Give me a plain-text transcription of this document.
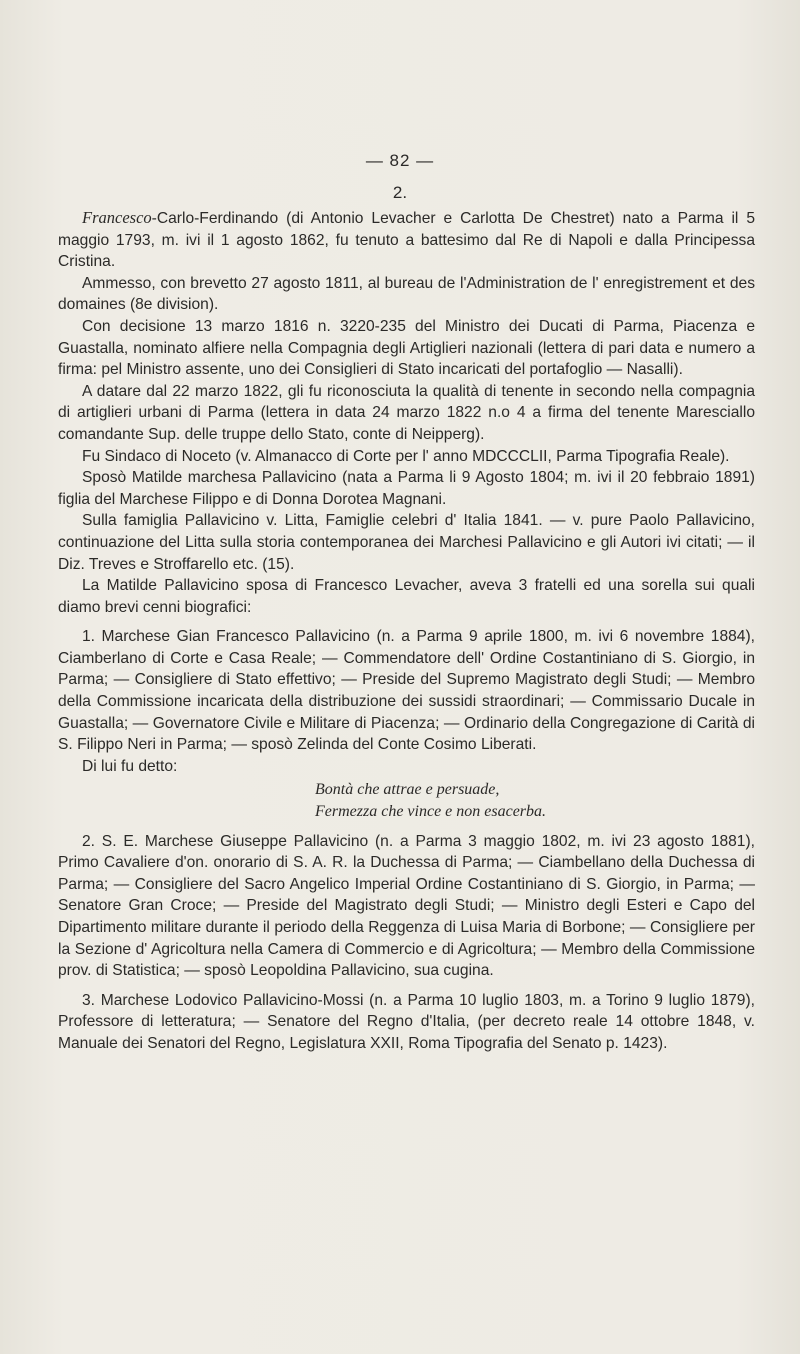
— 82 —
2.

Francesco-Carlo-Ferdinando (di Antonio Levacher e Carlotta De Chestret) nato a Parma il 5 maggio 1793, m. ivi il 1 agosto 1862, fu tenuto a battesimo dal Re di Napoli e dalla Principessa Cristina.

Ammesso, con brevetto 27 agosto 1811, al bureau de l'Administration de l' enregistrement et des domaines (8e division).

Con decisione 13 marzo 1816 n. 3220-235 del Ministro dei Ducati di Parma, Piacenza e Guastalla, nominato alfiere nella Compagnia degli Artiglieri nazionali (lettera di pari data e numero a firma: pel Ministro assente, uno dei Consiglieri di Stato incaricati del portafoglio — Nasalli).

A datare dal 22 marzo 1822, gli fu riconosciuta la qualità di tenente in secondo nella compagnia di artiglieri urbani di Parma (lettera in data 24 marzo 1822 n.o 4 a firma del tenente Maresciallo comandante Sup. delle truppe dello Stato, conte di Neipperg).

Fu Sindaco di Noceto (v. Almanacco di Corte per l' anno MDCCCLII, Parma Tipografia Reale).

Sposò Matilde marchesa Pallavicino (nata a Parma li 9 Agosto 1804; m. ivi il 20 febbraio 1891) figlia del Marchese Filippo e di Donna Dorotea Magnani.

Sulla famiglia Pallavicino v. Litta, Famiglie celebri d' Italia 1841. — v. pure Paolo Pallavicino, continuazione del Litta sulla storia contemporanea dei Marchesi Pallavicino e gli Autori ivi citati; — il Diz. Treves e Stroffarello etc. (15).

La Matilde Pallavicino sposa di Francesco Levacher, aveva 3 fratelli ed una sorella sui quali diamo brevi cenni biografici:

1. Marchese Gian Francesco Pallavicino (n. a Parma 9 aprile 1800, m. ivi 6 novembre 1884), Ciamberlano di Corte e Casa Reale; — Commendatore dell' Ordine Costantiniano di S. Giorgio, in Parma; — Consigliere di Stato effettivo; — Preside del Supremo Magistrato degli Studi; — Membro della Commissione incaricata della distribuzione dei sussidi straordinari; — Commissario Ducale in Guastalla; — Governatore Civile e Militare di Piacenza; — Ordinario della Congregazione di Carità di S. Filippo Neri in Parma; — sposò Zelinda del Conte Cosimo Liberati.

Di lui fu detto:

Bontà che attrae e persuade,
Fermezza che vince e non esacerba.

2. S. E. Marchese Giuseppe Pallavicino (n. a Parma 3 maggio 1802, m. ivi 23 agosto 1881), Primo Cavaliere d'on. onorario di S. A. R. la Duchessa di Parma; — Ciambellano della Duchessa di Parma; — Consigliere del Sacro Angelico Imperial Ordine Costantiniano di S. Giorgio, in Parma; — Senatore Gran Croce; — Preside del Magistrato degli Studi; — Ministro degli Esteri e Capo del Dipartimento militare durante il periodo della Reggenza di Luisa Maria di Borbone; — Consigliere per la Sezione d' Agricoltura nella Camera di Commercio e di Agricoltura; — Membro della Commissione prov. di Statistica; — sposò Leopoldina Pallavicino, sua cugina.

3. Marchese Lodovico Pallavicino-Mossi (n. a Parma 10 luglio 1803, m. a Torino 9 luglio 1879), Professore di letteratura; — Senatore del Regno d'Italia, (per decreto reale 14 ottobre 1848, v. Manuale dei Senatori del Regno, Legislatura XXII, Roma Tipografia del Senato p. 1423).
